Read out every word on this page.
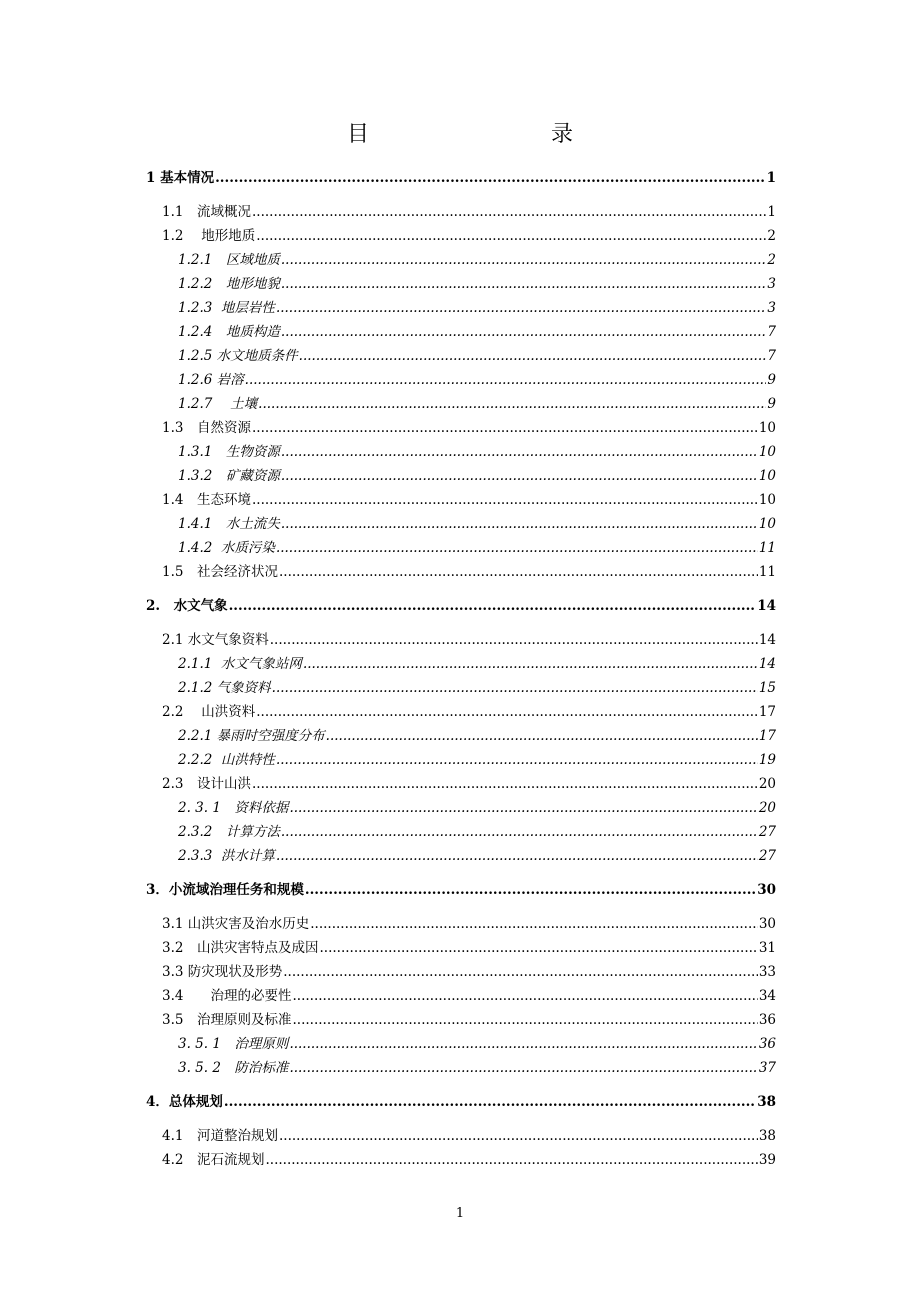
目　　录
1 基本情况 .....	1
1.1　流域概况 .....	1
1.2　 地形地质 .....	2
1.2.1　区域地质 .....	2
1.2.2　地形地貌 .....	3
1.2.3  地层岩性 .....	3
1.2.4　地质构造 .....	7
1.2.5 水文地质条件 .....	7
1.2.6 岩溶 .....	9
1.2.7　 土壤 .....	9
1.3　自然资源 .....	10
1.3.1　生物资源 .....	10
1.3.2　矿藏资源 .....	10
1.4　生态环境 .....	10
1.4.1　水土流失 .....	10
1.4.2  水质污染 .....	11
1.5　社会经济状况 .....	11
2.　水文气象 .....	14
2.1 水文气象资料 .....	14
2.1.1  水文气象站网 .....	14
2.1.2 气象资料 .....	15
2.2　 山洪资料 .....	17
2.2.1 暴雨时空强度分布 .....	17
2.2.2  山洪特性 .....	19
2.3　设计山洪 .....	20
2. 3. 1　资料依据 .....	20
2.3.2　计算方法 .....	27
2.3.3  洪水计算 .....	27
3．小流域治理任务和规模 .....	30
3.1 山洪灾害及治水历史 .....	30
3.2　山洪灾害特点及成因 .....	31
3.3 防灾现状及形势 .....	33
3.4　　治理的必要性 .....	34
3.5　治理原则及标准 .....	36
3. 5. 1　治理原则 .....	36
3. 5. 2　防治标准 .....	37
4．总体规划 .....	38
4.1　河道整治规划 .....	38
4.2　泥石流规划 .....	39
1
